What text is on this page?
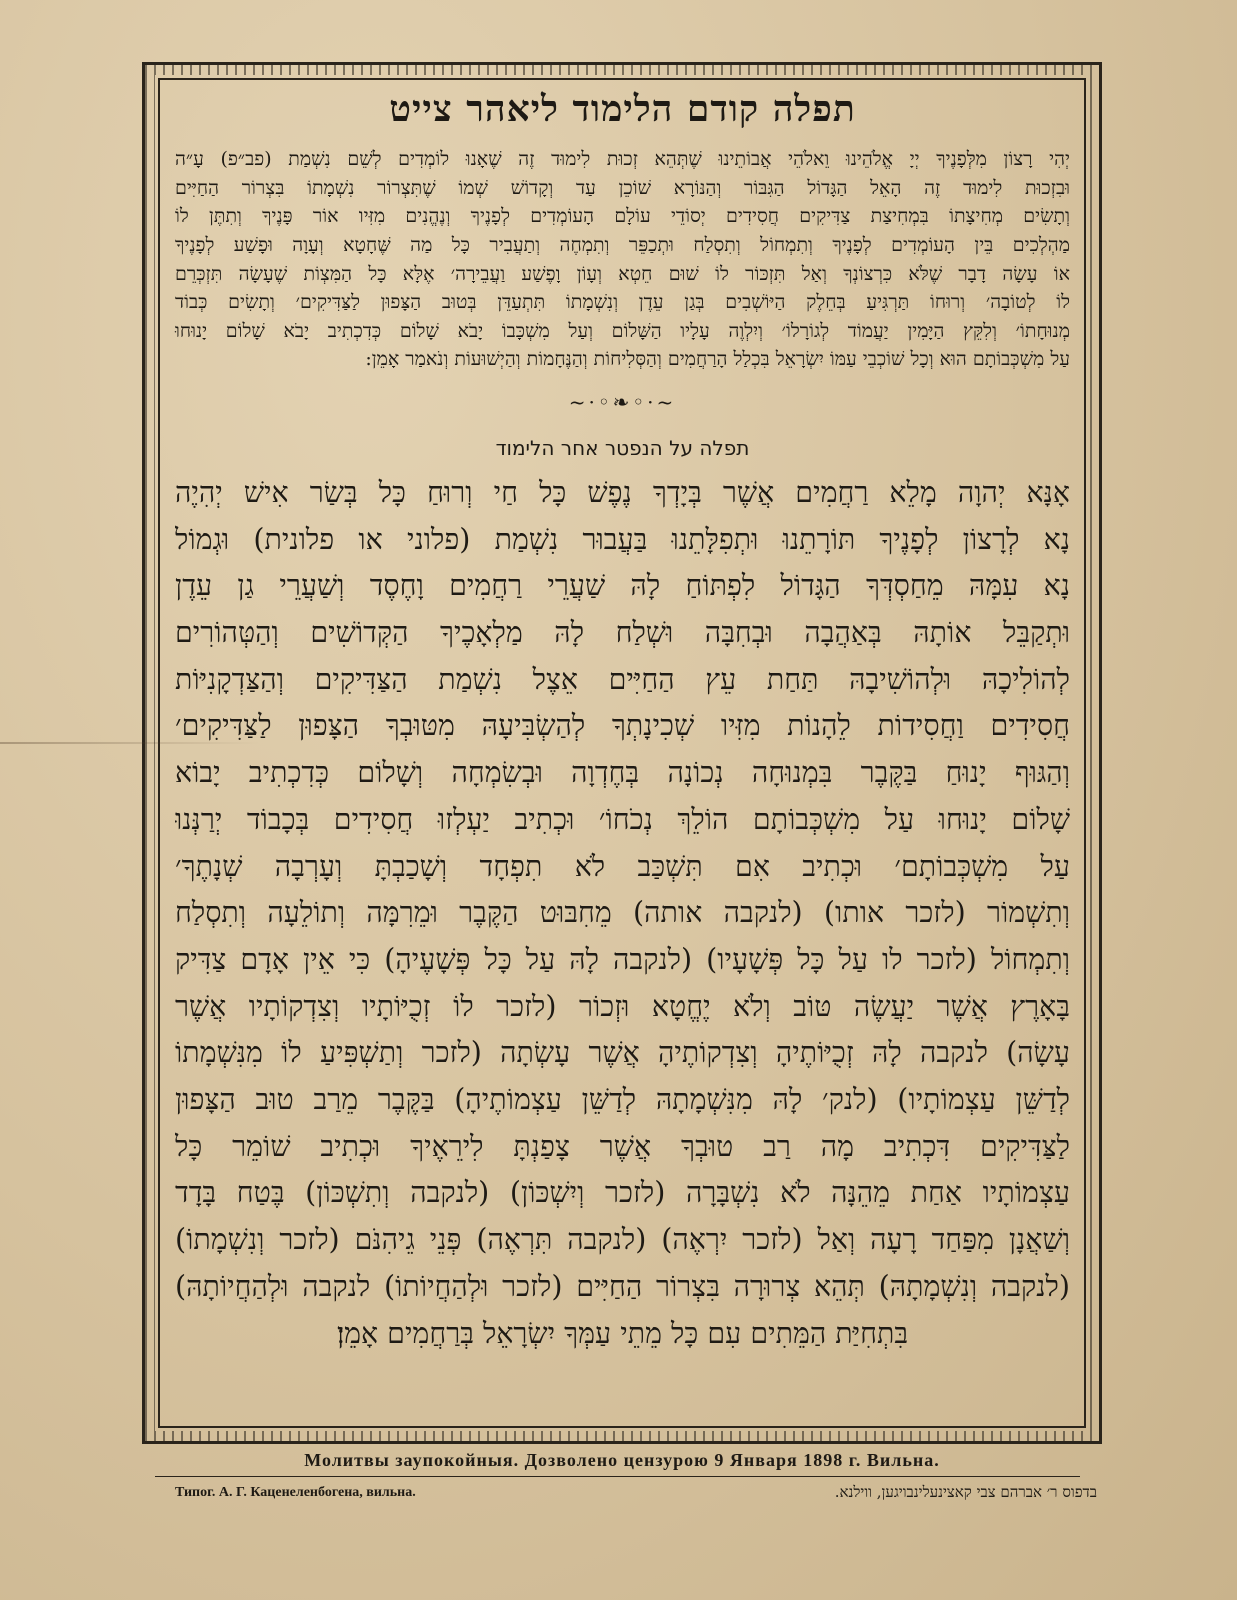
תפלה קודם הלימוד ליאהר צייט

יְהִי רָצוֹן מִלְּפָנֶיךָ יְיָ אֱלֹהֵינוּ וֵאלֹהֵי אֲבוֹתֵינוּ שֶׁתְּהֵא זְכוּת לִימוּד זֶה שֶׁאָנוּ לוֹמְדִים לְשֵׁם נִשְׁמַת (פב״פ) עָ״ה

וּבִזְכוּת לִימוּד זֶה הָאֵל הַגָּדוֹל הַגִּבּוֹר וְהַנּוֹרָא שׁוֹכֵן עַד וְקָדוֹשׁ שְׁמוֹ שֶׁתִּצְרוֹר נִשְׁמָתוֹ בִּצְרוֹר הַחַיִּים

וְתָשִׂים מְחִיצָתוֹ בִּמְחִיצַת צַדִּיקִים חֲסִידִים יְסוֹדֵי עוֹלָם הָעוֹמְדִים לְפָנֶיךָ וְנֶהֱנִים מִזִּיו אוֹר פָּנֶיךָ וְתִתֶּן לוֹ

מַהְלְכִים בֵּין הָעוֹמְדִים לְפָנֶיךָ וְתִמְחוֹל וְתִסְלַח וּתְכַפֵּר וְתִמְחֶה וְתַעֲבִיר כָּל מַה שֶּׁחָטָא וְעָוָה וּפָשַׁע לְפָנֶיךָ

אוֹ עָשָׂה דָבָר שֶׁלֹּא כִּרְצוֹנְךָ וְאַל תִּזְכּוֹר לוֹ שׁוּם חֵטְא וְעָוֹן וָפֶשַׁע וַעֲבֵירָה׳ אֶלָּא כָּל הַמִּצְוֹת שֶׁעָשָׂה תִּזְכְּרֵם

לוֹ לְטוֹבָה׳ וְרוּחוֹ תַּרְגִּיעַ בְּחֵלֶק הַיּוֹשְׁבִים בְּגַן עֵדֶן וְנִשְׁמָתוֹ תִּתְעַדֵּן בְּטוּב הַצָּפוּן לַצַּדִּיקִים׳ וְתָשִׂים כְּבוֹד

מְנוּחָתוֹ׳ וְלִקֵּץ הַיָּמִין יַעֲמוֹד לְגוֹרָלוֹ׳ וְיִלְוֶה עָלָיו הַשָּׁלוֹם וְעַל מִשְׁכָּבוֹ יָבֹא שָׁלוֹם כְּדִכְתִיב יָבֹא שָׁלוֹם יָנוּחוּ

עַל מִשְׁכְּבוֹתָם הוּא וְכָל שׁוֹכְבֵי עַמּוֹ יִשְׂרָאֵל בִּכְלַל הָרַחֲמִים וְהַסְּלִיחוֹת וְהַנֶּחָמוֹת וְהַיְשׁוּעוֹת וְנֹאמַר אָמֵן:

~·◦❧◦·~
תפלה על הנפטר אחר הלימוד

אָנָּא יְהוָה מָלֵא רַחֲמִים אֲשֶׁר בְּיָדְךָ נֶפֶשׁ כָּל חַי וְרוּחַ כָּל בְּשַׂר אִישׁ יְהִיֶה

נָא לְרָצוֹן לְפָנֶיךָ תּוֹרָתֵנוּ וּתְפִלָּתֵנוּ בַּעֲבוּר נִשְׁמַת (פלוני או פלונית) וּגְמוֹל

נָא עִמָּהּ מֵחַסְדְּךָ הַגָּדוֹל לִפְתּוֹחַ לָהּ שַׁעֲרֵי רַחֲמִים וָחֶסֶד וְשַׁעֲרֵי גַן עֵדֶן

וּתְקַבֵּל אוֹתָהּ בְּאַהֲבָה וּבְחִבָּה וּשְׁלַח לָהּ מַלְאָכֶיךָ הַקְּדוֹשִׁים וְהַטְּהוֹרִים

לְהוֹלִיכָהּ וּלְהוֹשִׁיבָהּ תַּחַת עֵץ הַחַיִּים אֵצֶל נִשְׁמַת הַצַּדִּיקִים וְהַצַּדְקָנִיּוֹת

חֲסִידִים וַחֲסִידוֹת לֵהָנוֹת מִזִּיו שְׁכִינָתְךָ לְהַשְׂבִּיעָהּ מִטּוּבְךָ הַצָּפוּן לַצַּדִּיקִים׳

וְהַגּוּף יָנוּחַ בַּקֶּבֶר בִּמְנוּחָה נְכוֹנָה בְּחֶדְוָה וּבְשִׂמְחָה וְשָׁלוֹם כְּדִכְתִיב יָבוֹא

שָׁלוֹם יָנוּחוּ עַל מִשְׁכְּבוֹתָם הוֹלֵךְ נְכֹחוֹ׳ וּכְתִיב יַעְלְזוּ חֲסִידִים בְּכָבוֹד יְרַנְּנוּ

עַל מִשְׁכְּבוֹתָם׳ וּכְתִיב אִם תִּשְׁכַּב לֹא תִפְחָד וְשָׁכַבְתָּ וְעָרְבָה שְׁנָתֶךָ׳

וְתִשְׁמוֹר (לזכר אותו) (לנקבה אותה) מֵחִבּוּט הַקֶּבֶר וּמֵרִמָּה וְתוֹלֵעָה וְתִסְלַח

וְתִמְחוֹל (לזכר לו עַל כָּל פְּשָׁעָיו) (לנקבה לָהּ עַל כָּל פְּשָׁעֶיהָ) כִּי אֵין אָדָם צַדִּיק

בָּאָרֶץ אֲשֶׁר יַעֲשֶׂה טּוֹב וְלֹא יֶחֱטָא וּזְכוֹר (לזכר לוֹ זְכֻיּוֹתָיו וְצִדְקוֹתָיו אֲשֶׁר

עָשָׂה) לנקבה לָהּ זְכֻיּוֹתֶיהָ וְצִדְקוֹתֶיהָ אֲשֶׁר עָשְׂתָה (לזכר וְתַשְׁפִּיעַ לוֹ מִנִּשְׁמָתוֹ

לְדַשֵּׁן עַצְמוֹתָיו) (לנק׳ לָהּ מִנִּשְׁמָתָהּ לְדַשֵּׁן עַצְמוֹתֶיהָ) בַּקֶּבֶר מֵרַב טוּב הַצָּפוּן

לַצַּדִּיקִים דִּכְתִיב מָה רַב טוּבְךָ אֲשֶׁר צָפַנְתָּ לִירֵאֶיךָ וּכְתִיב שׁוֹמֵר כָּל

עַצְמוֹתָיו אַחַת מֵהֵנָּה לֹא נִשְׁבָּרָה (לזכר וְיִשְׁכּוֹן) (לנקבה וְתִשְׁכּוֹן) בֶּטַח בָּדָד

וְשַׁאֲנָן מִפַּחַד רָעָה וְאַל (לזכר יִרְאֶה) (לנקבה תִּרְאֶה) פְּנֵי גֵיהִנֹּם (לזכר וְנִשְׁמָתוֹ)

(לנקבה וְנִשְׁמָתָהּ) תְּהֵא צְרוּרָה בִּצְרוֹר הַחַיִּים (לזכר וּלְהַחֲיוֹתוֹ) לנקבה וּלְהַחֲיוֹתָהּ)

בִּתְחִיַּת הַמֵּתִים עִם כָּל מֵתֵי עַמְּךָ יִשְׂרָאֵל בְּרַחֲמִים אָמֵן׃

Молитвы заупокойныя. Дозволено цензурою 9 Января 1898 г. Вильна.
Типог. А. Г. Каценеленбогена, вильна.	בדפוס ר׳ אברהם צבי קאצינעלינבויגען, ווילנא.
